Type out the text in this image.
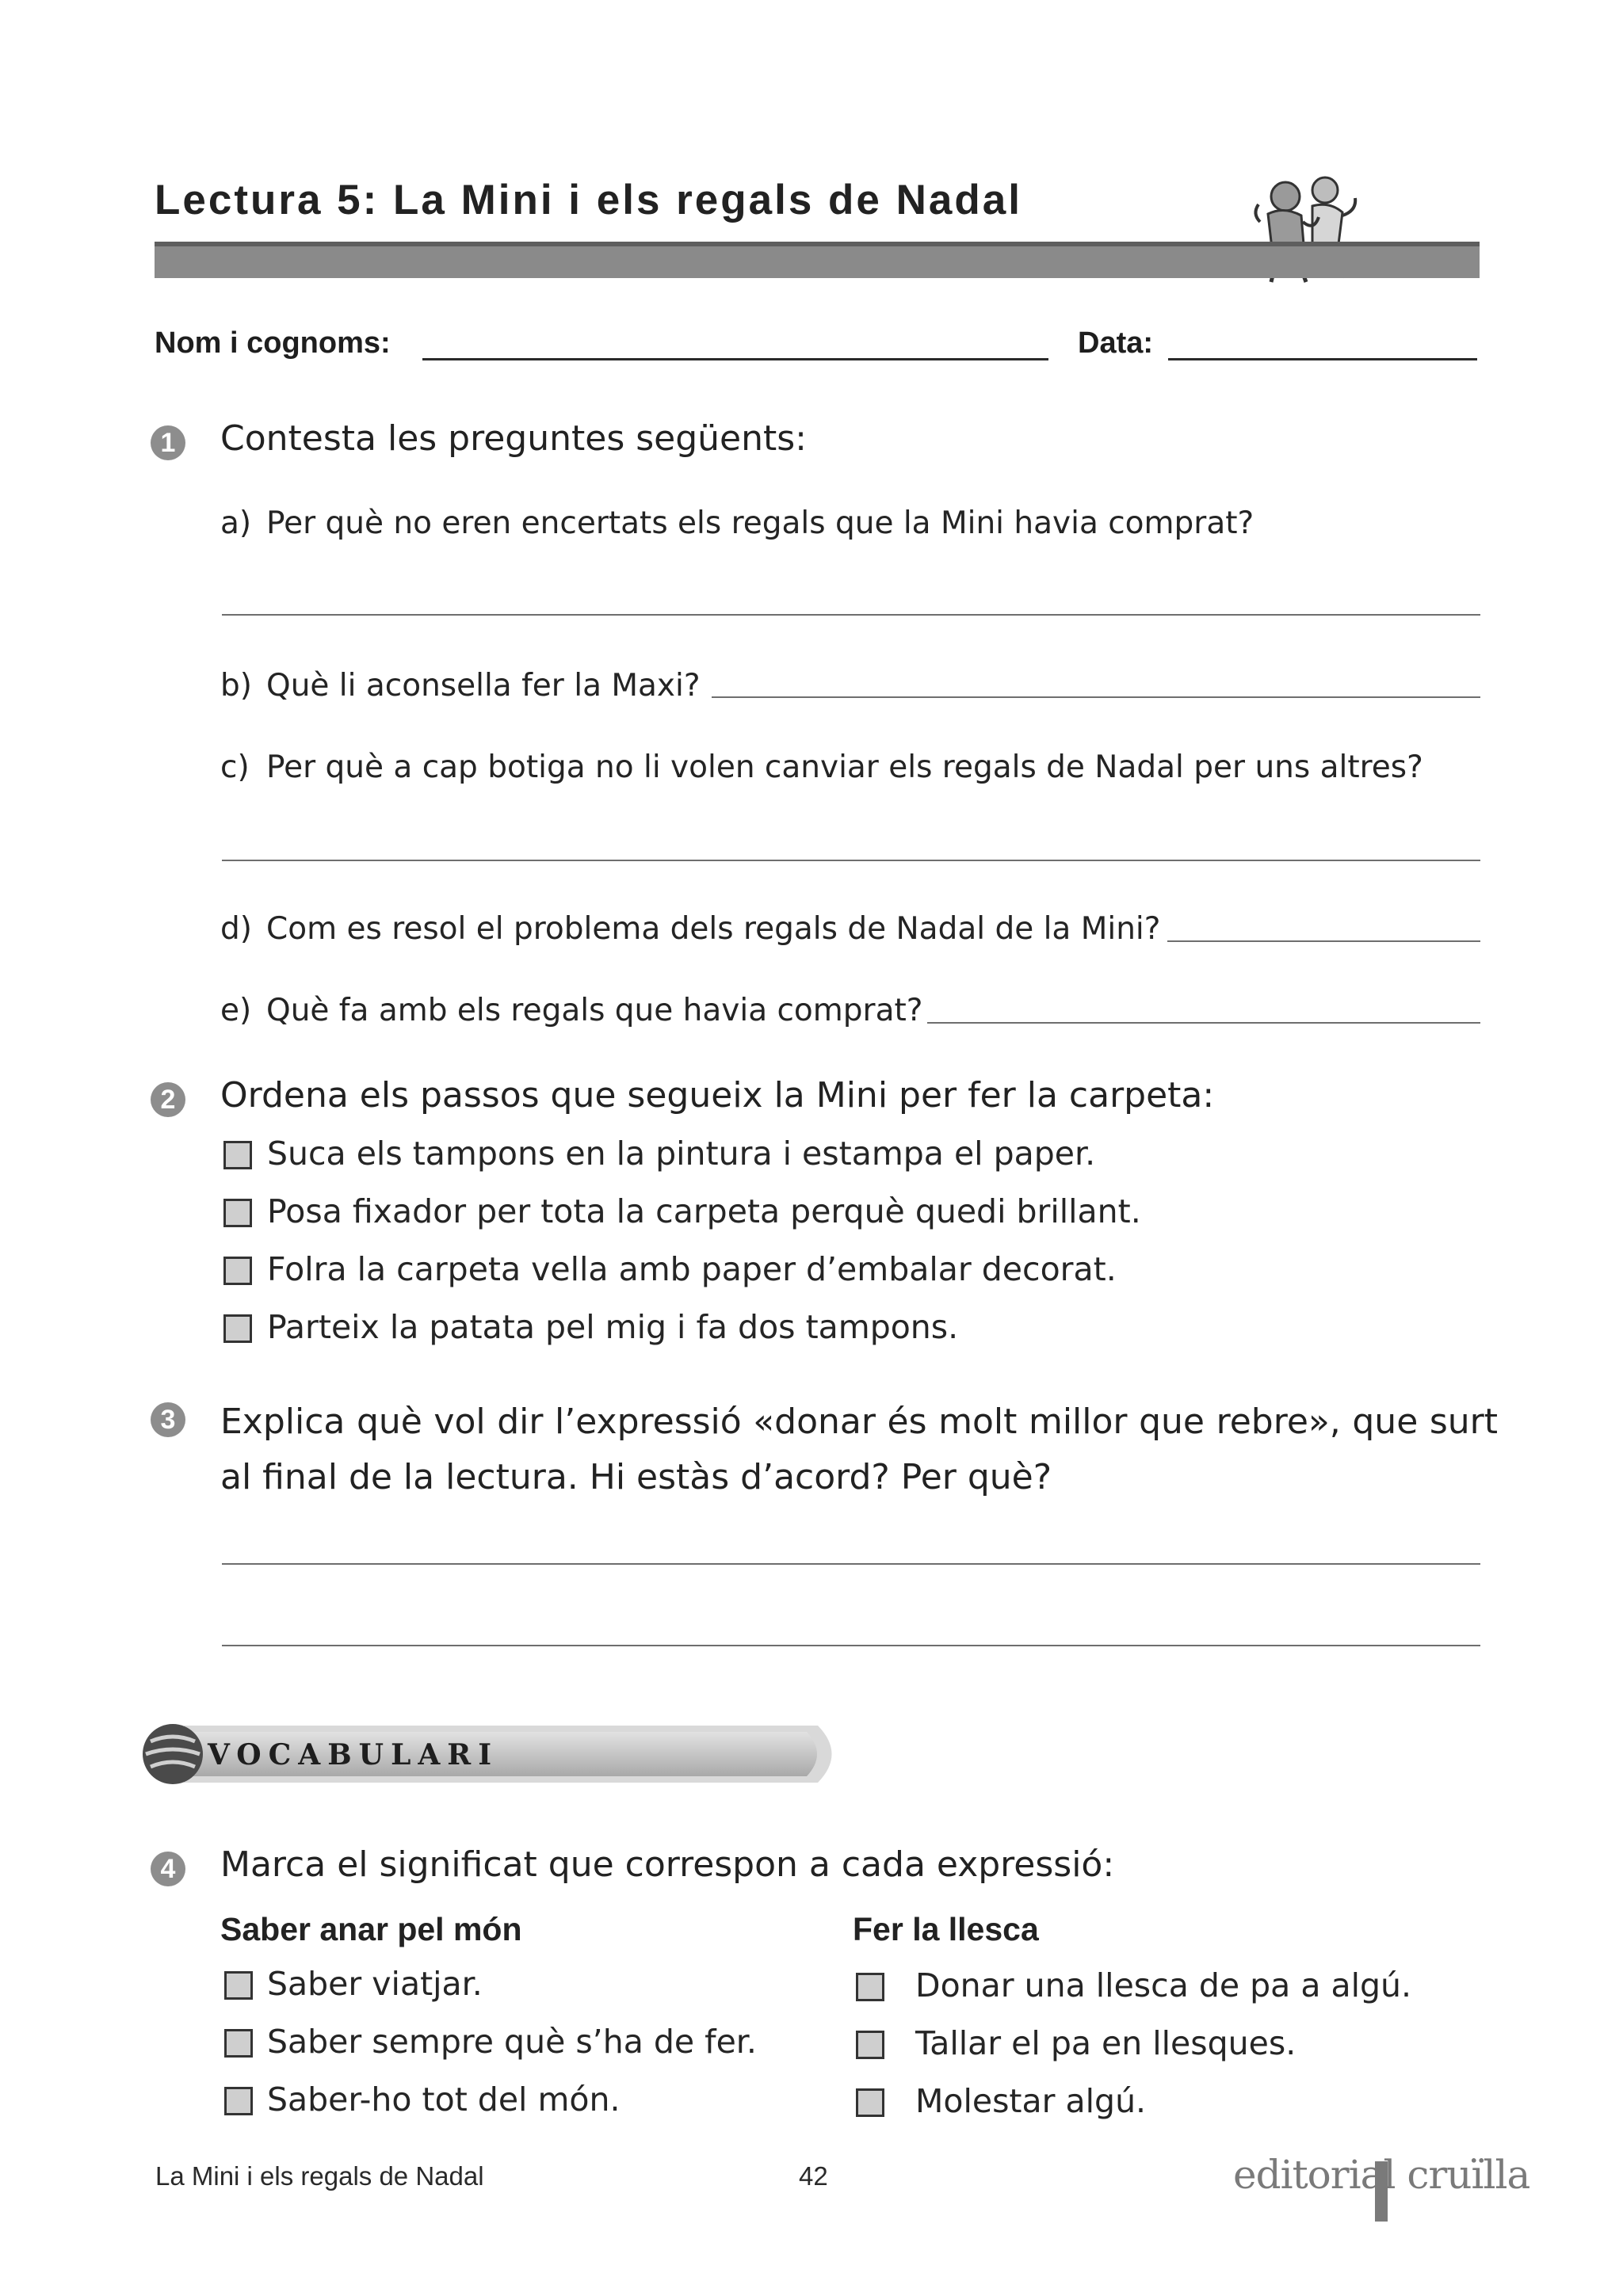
Lectura 5: La Mini i els regals de Nadal
Nom i cognoms:	Data:
1 Contesta les preguntes següents:
a) Per què no eren encertats els regals que la Mini havia comprat?
b) Què li aconsella fer la Maxi?
c) Per què a cap botiga no li volen canviar els regals de Nadal per uns altres?
d) Com es resol el problema dels regals de Nadal de la Mini?
e) Què fa amb els regals que havia comprat?
2 Ordena els passos que segueix la Mini per fer la carpeta:
Suca els tampons en la pintura i estampa el paper.
Posa fixador per tota la carpeta perquè quedi brillant.
Folra la carpeta vella amb paper d’embalar decorat.
Parteix la patata pel mig i fa dos tampons.
3 Explica què vol dir l’expressió «donar és molt millor que rebre», que surt al final de la lectura. Hi estàs d’acord? Per què?
VOCABULARI
4 Marca el significat que correspon a cada expressió:
Saber anar pel món
Saber viatjar.
Saber sempre què s’ha de fer.
Saber-ho tot del món.
Fer la llesca
Donar una llesca de pa a algú.
Tallar el pa en llesques.
Molestar algú.
La Mini i els regals de Nadal	42	editorial cruïlla
